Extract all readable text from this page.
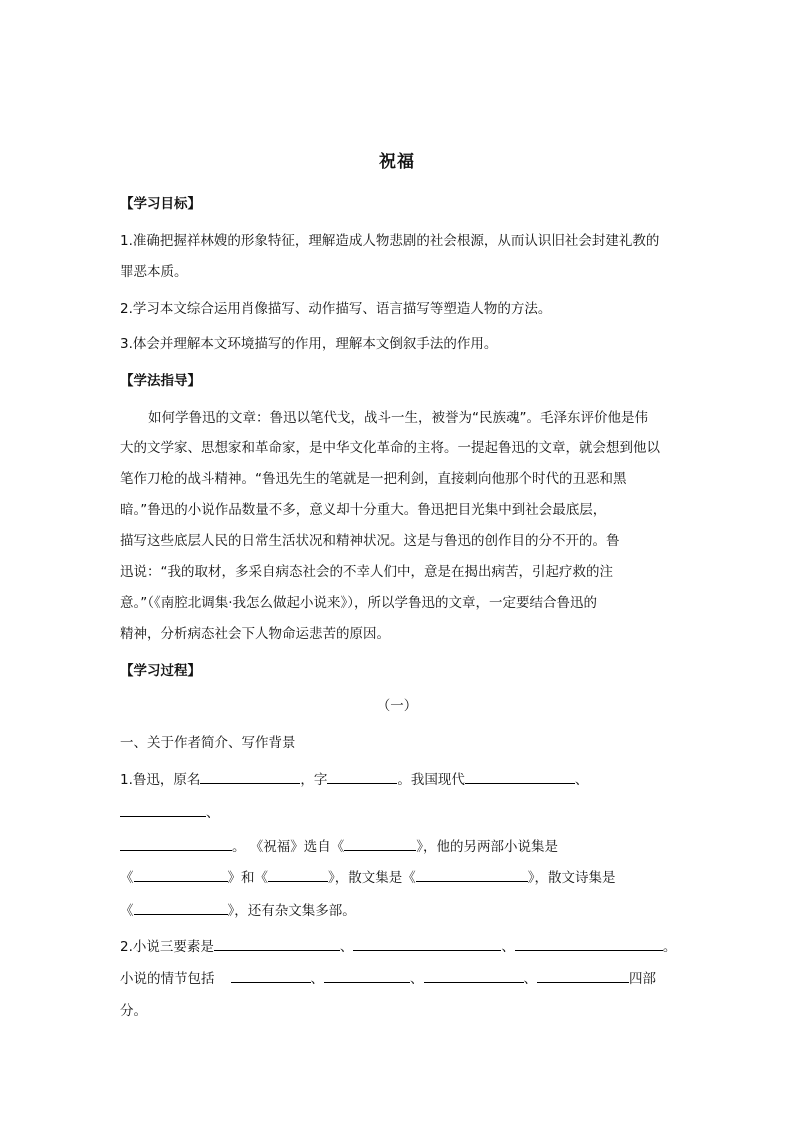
祝福
【学习目标】
1.准确把握祥林嫂的形象特征，理解造成人物悲剧的社会根源，从而认识旧社会封建礼教的
罪恶本质。
2.学习本文综合运用肖像描写、动作描写、语言描写等塑造人物的方法。
3.体会并理解本文环境描写的作用，理解本文倒叙手法的作用。
【学法指导】
如何学鲁迅的文章：鲁迅以笔代戈，战斗一生，被誉为“民族魂”。毛泽东评价他是伟
大的文学家、思想家和革命家，是中华文化革命的主将。一提起鲁迅的文章，就会想到他以
笔作刀枪的战斗精神。“鲁迅先生的笔就是一把利剑，直接刺向他那个时代的丑恶和黑
暗。”鲁迅的小说作品数量不多，意义却十分重大。鲁迅把目光集中到社会最底层，
描写这些底层人民的日常生活状况和精神状况。这是与鲁迅的创作目的分不开的。鲁
迅说：“我的取材，多采自病态社会的不幸人们中，意是在揭出病苦，引起疗救的注
意。”（《南腔北调集·我怎么做起小说来》），所以学鲁迅的文章，一定要结合鲁迅的
精神，分析病态社会下人物命运悲苦的原因。
【学习过程】
（一）
一、关于作者简介、写作背景
1.鲁迅，原名	，字	。我国现代	、
、
。 《祝福》选自《	》，他的另两部小说集是
《	》和《	》，散文集是《	》，散文诗集是
《	》，还有杂文集多部。
2.小说三要素是	、	、	。
小说的情节包括	、	、	、	四部
分。
